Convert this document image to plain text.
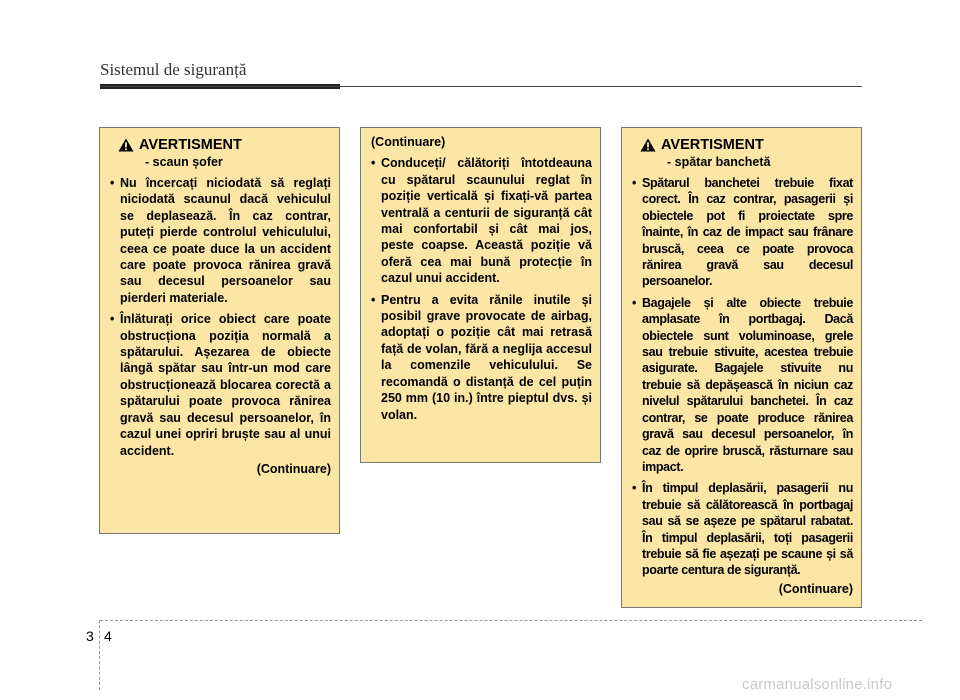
Sistemul de siguranță
AVERTISMENT
- scaun șofer
• Nu încercați niciodată să reglați niciodată scaunul dacă vehiculul se deplasează. În caz contrar, puteți pierde controlul vehiculului, ceea ce poate duce la un accident care poate provoca rănirea gravă sau decesul persoanelor sau pierderi materiale.
• Înlăturați orice obiect care poate obstrucționa poziția normală a spătarului. Așezarea de obiecte lângă spătar sau într-un mod care obstrucționează blocarea corectă a spătarului poate provoca rănirea gravă sau decesul persoanelor, în cazul unei opriri bruște sau al unui accident.
(Continuare)
(Continuare)
• Conduceți/ călătoriți întotdeauna cu spătarul scaunului reglat în poziție verticală și fixați-vă partea ventrală a centurii de siguranță cât mai confortabil și cât mai jos, peste coapse. Această poziție vă oferă cea mai bună protecție în cazul unui accident.
• Pentru a evita rănile inutile și posibil grave provocate de airbag, adoptați o poziție cât mai retrasă față de volan, fără a neglija accesul la comenzile vehiculului. Se recomandă o distanță de cel puțin 250 mm (10 in.) între pieptul dvs. și volan.
AVERTISMENT
- spătar banchetă
• Spătarul banchetei trebuie fixat corect. În caz contrar, pasagerii și obiectele pot fi proiectate spre înainte, în caz de impact sau frânare bruscă, ceea ce poate provoca rănirea gravă sau decesul persoanelor.
• Bagajele și alte obiecte trebuie amplasate în portbagaj. Dacă obiectele sunt voluminoase, grele sau trebuie stivuite, acestea trebuie asigurate. Bagajele stivuite nu trebuie să depășească în niciun caz nivelul spătarului banchetei. În caz contrar, se poate produce rănirea gravă sau decesul persoanelor, în caz de oprire bruscă, răsturnare sau impact.
• În timpul deplasării, pasagerii nu trebuie să călătorească în portbagaj sau să se așeze pe spătarul rabatat. În timpul deplasării, toți pasagerii trebuie să fie așezați pe scaune și să poarte centura de siguranță.
(Continuare)
3 4
carmanualsonline.info
